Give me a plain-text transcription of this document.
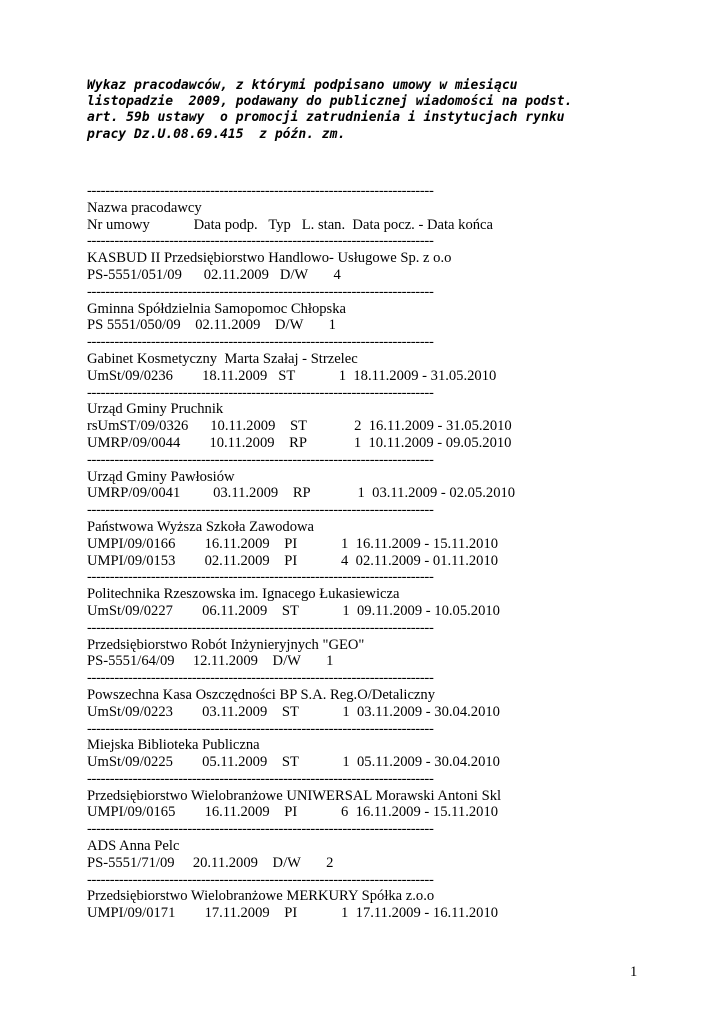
Wykaz pracodawców, z którymi podpisano umowy w miesiącu
listopadzie  2009, podawany do publicznej wiadomości na podst.
art. 59b ustawy  o promocji zatrudnienia i instytucjach rynku
pracy Dz.U.08.69.415  z późn. zm.
----------------------------------------------------------------------------
Nazwa pracodawcy
Nr umowy            Data podp.   Typ   L. stan.  Data pocz. - Data końca
----------------------------------------------------------------------------
KASBUD II Przedsiębiorstwo Handlowo- Usługowe Sp. z o.o
PS-5551/051/09      02.11.2009   D/W       4
----------------------------------------------------------------------------
Gminna Spółdzielnia Samopomoc Chłopska
PS 5551/050/09    02.11.2009    D/W       1
----------------------------------------------------------------------------
Gabinet Kosmetyczny  Marta Szałaj - Strzelec
UmSt/09/0236        18.11.2009   ST            1  18.11.2009 - 31.05.2010
----------------------------------------------------------------------------
Urząd Gminy Pruchnik
rsUmST/09/0326      10.11.2009    ST             2  16.11.2009 - 31.05.2010
UMRP/09/0044        10.11.2009    RP             1  10.11.2009 - 09.05.2010
----------------------------------------------------------------------------
Urząd Gminy Pawłosiów
UMRP/09/0041         03.11.2009    RP             1  03.11.2009 - 02.05.2010
----------------------------------------------------------------------------
Państwowa Wyższa Szkoła Zawodowa
UMPI/09/0166        16.11.2009    PI            1  16.11.2009 - 15.11.2010
UMPI/09/0153        02.11.2009    PI            4  02.11.2009 - 01.11.2010
----------------------------------------------------------------------------
Politechnika Rzeszowska im. Ignacego Łukasiewicza
UmSt/09/0227        06.11.2009    ST            1  09.11.2009 - 10.05.2010
----------------------------------------------------------------------------
Przedsiębiorstwo Robót Inżynieryjnych "GEO"
PS-5551/64/09     12.11.2009    D/W       1
----------------------------------------------------------------------------
Powszechna Kasa Oszczędności BP S.A. Reg.O/Detaliczny
UmSt/09/0223        03.11.2009    ST            1  03.11.2009 - 30.04.2010
----------------------------------------------------------------------------
Miejska Biblioteka Publiczna
UmSt/09/0225        05.11.2009    ST            1  05.11.2009 - 30.04.2010
----------------------------------------------------------------------------
Przedsiębiorstwo Wielobranżowe UNIWERSAL Morawski Antoni Skl
UMPI/09/0165        16.11.2009    PI            6  16.11.2009 - 15.11.2010
----------------------------------------------------------------------------
ADS Anna Pelc
PS-5551/71/09     20.11.2009    D/W       2
----------------------------------------------------------------------------
Przedsiębiorstwo Wielobranżowe MERKURY Spółka z.o.o
UMPI/09/0171        17.11.2009    PI            1  17.11.2009 - 16.11.2010
1
